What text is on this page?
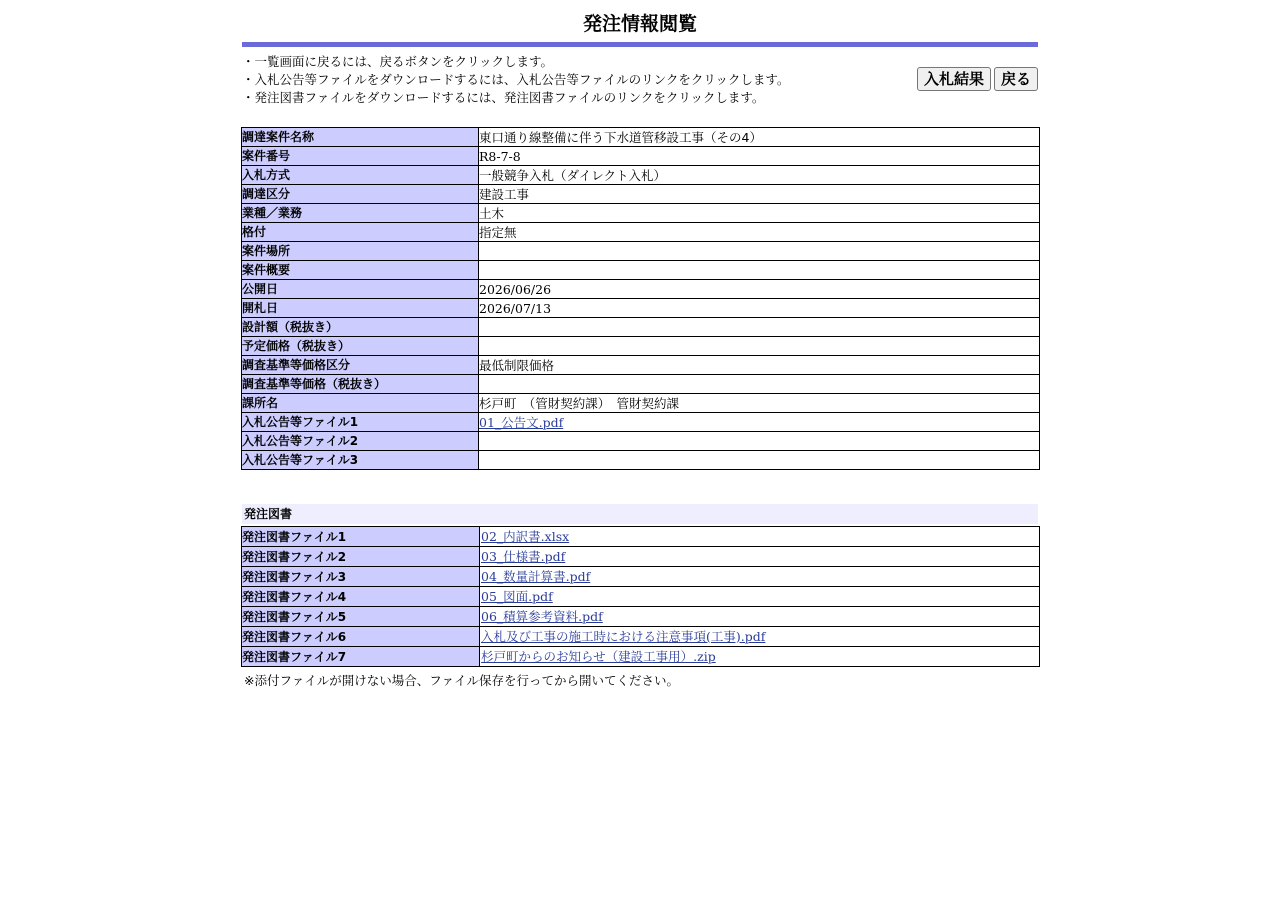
発注情報閲覧
・一覧画面に戻るには、戻るボタンをクリックします。
・入札公告等ファイルをダウンロードするには、入札公告等ファイルのリンクをクリックします。
・発注図書ファイルをダウンロードするには、発注図書ファイルのリンクをクリックします。
入札結果	戻る
調達案件名称	東口通り線整備に伴う下水道管移設工事（その4）
案件番号	R8-7-8
入札方式	一般競争入札（ダイレクト入札）
調達区分	建設工事
業種／業務	土木
格付	指定無
案件場所	
案件概要	
公開日	2026/06/26
開札日	2026/07/13
設計額（税抜き）	
予定価格（税抜き）	
調査基準等価格区分	最低制限価格
調査基準等価格（税抜き）	
課所名	杉戸町　（管財契約課）　管財契約課
入札公告等ファイル1	01_公告文.pdf
入札公告等ファイル2	
入札公告等ファイル3	
発注図書
発注図書ファイル1	02_内訳書.xlsx
発注図書ファイル2	03_仕様書.pdf
発注図書ファイル3	04_数量計算書.pdf
発注図書ファイル4	05_図面.pdf
発注図書ファイル5	06_積算参考資料.pdf
発注図書ファイル6	入札及び工事の施工時における注意事項(工事).pdf
発注図書ファイル7	杉戸町からのお知らせ（建設工事用）.zip
※添付ファイルが開けない場合、ファイル保存を行ってから開いてください。
